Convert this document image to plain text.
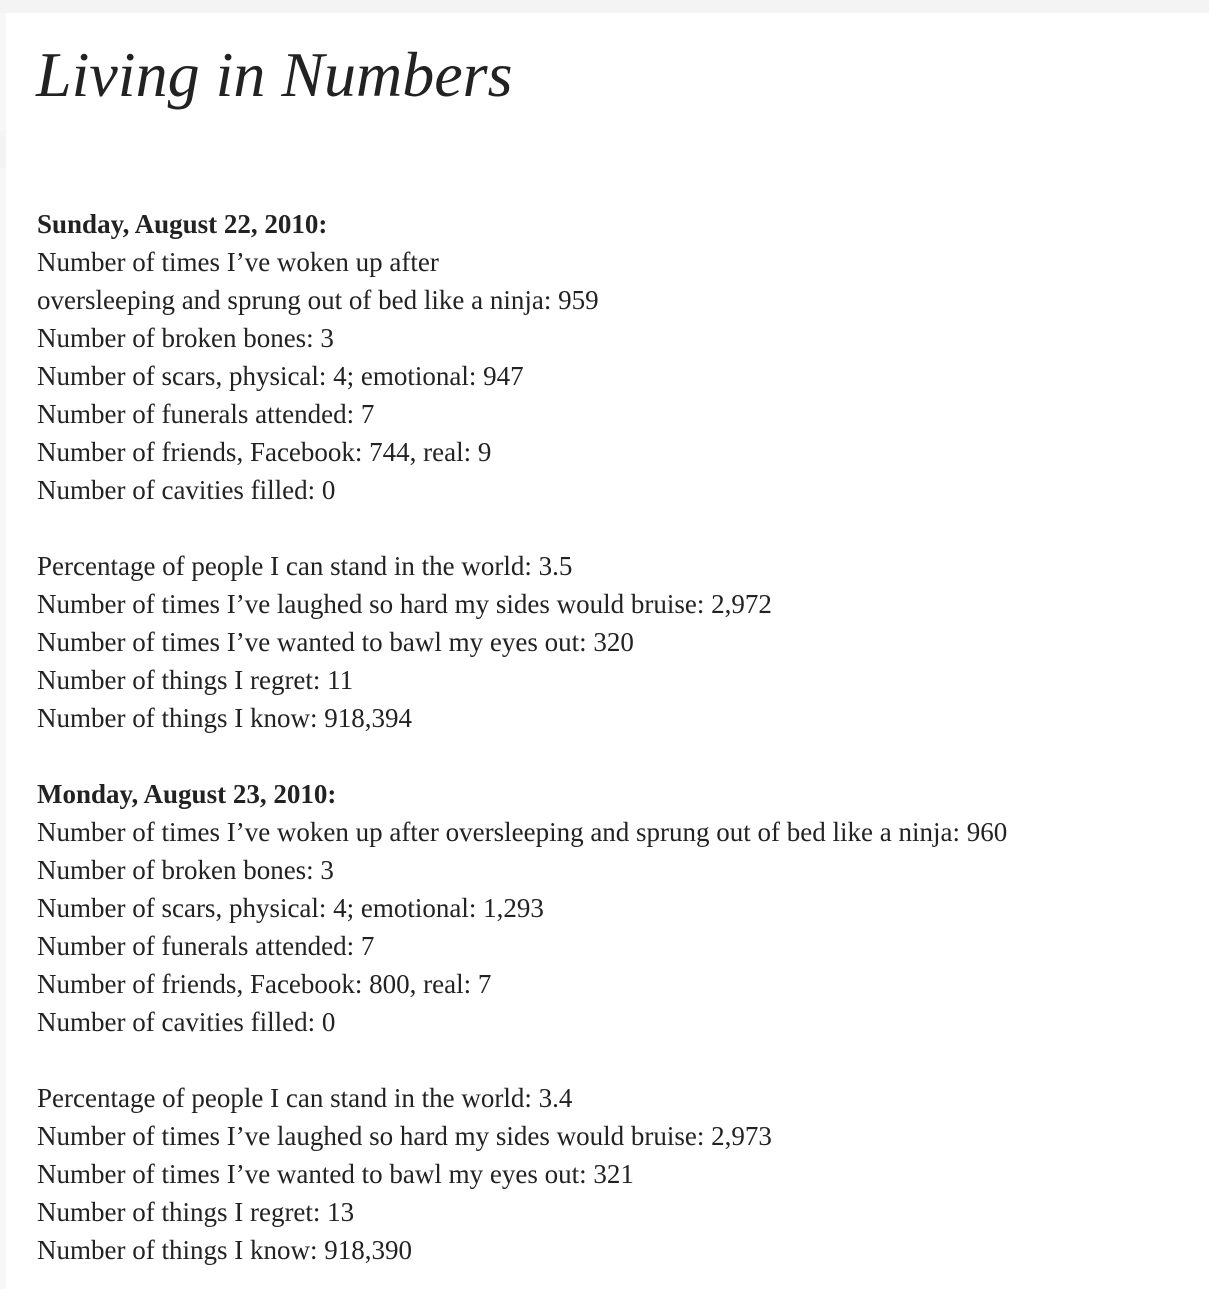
Living in Numbers
Sunday, August 22, 2010:
Number of times I’ve woken up after
oversleeping and sprung out of bed like a ninja: 959
Number of broken bones: 3
Number of scars, physical: 4; emotional: 947
Number of funerals attended: 7
Number of friends, Facebook: 744, real: 9
Number of cavities filled: 0
Percentage of people I can stand in the world: 3.5
Number of times I’ve laughed so hard my sides would bruise: 2,972
Number of times I’ve wanted to bawl my eyes out: 320
Number of things I regret: 11
Number of things I know: 918,394
Monday, August 23, 2010:
Number of times I’ve woken up after oversleeping and sprung out of bed like a ninja: 960
Number of broken bones: 3
Number of scars, physical: 4; emotional: 1,293
Number of funerals attended: 7
Number of friends, Facebook: 800, real: 7
Number of cavities filled: 0
Percentage of people I can stand in the world: 3.4
Number of times I’ve laughed so hard my sides would bruise: 2,973
Number of times I’ve wanted to bawl my eyes out: 321
Number of things I regret: 13
Number of things I know: 918,390
